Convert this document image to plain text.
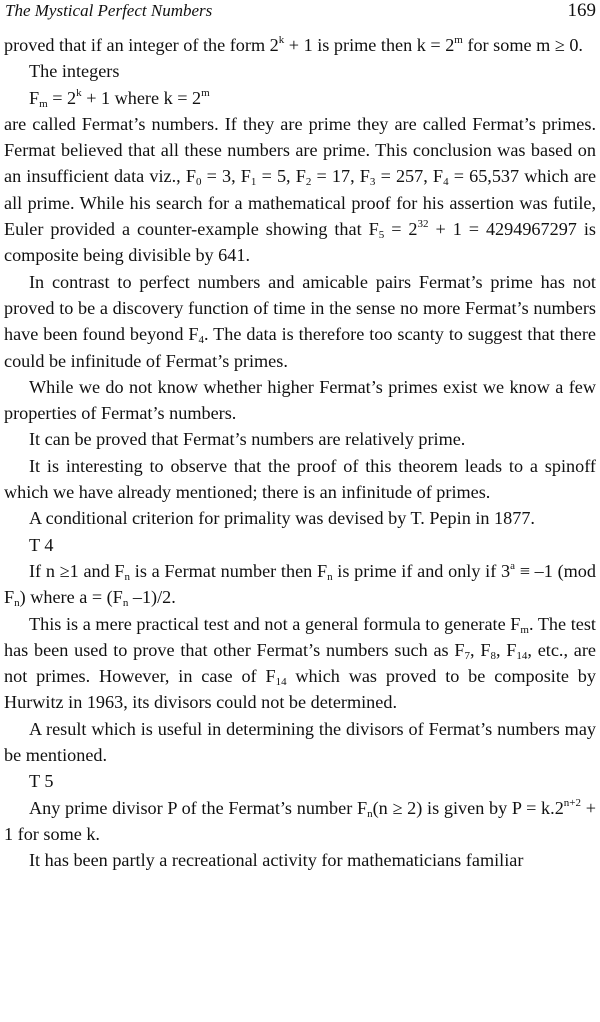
The Mystical Perfect Numbers	169

proved that if an integer of the form $2^k + 1$ is prime then $k = 2^m$ for some m ≥ 0.

The integers

$F_m = 2^k + 1$ where $k = 2^m$

are called Fermat’s numbers. If they are prime they are called Fermat’s primes. Fermat believed that all these numbers are prime. This conclusion was based on an insufficient data viz., $F_0 = 3$, $F_1 = 5$, $F_2 = 17$, $F_3 = 257$, $F_4 = 65,537$ which are all prime. While his search for a mathematical proof for his assertion was futile, Euler provided a counter-example showing that $F_5 = 2^{32} + 1 = 4294967297$ is composite being divisible by 641.

In contrast to perfect numbers and amicable pairs Fermat’s prime has not proved to be a discovery function of time in the sense no more Fermat’s numbers have been found beyond $F_4$. The data is therefore too scanty to suggest that there could be infinitude of Fermat’s primes.

While we do not know whether higher Fermat’s primes exist we know a few properties of Fermat’s numbers.

It can be proved that Fermat’s numbers are relatively prime.

It is interesting to observe that the proof of this theorem leads to a spinoff which we have already mentioned; there is an infinitude of primes.

A conditional criterion for primality was devised by T. Pepin in 1877.

T 4

If n ≥1 and $F_n$ is a Fermat number then $F_n$ is prime if and only if $3^a \equiv -1$ (mod $F_n$) where $a = (F_n$ –1)/2.

This is a mere practical test and not a general formula to generate $F_m$. The test has been used to prove that other Fermat’s numbers such as $F_7$, $F_8$, $F_{14}$, etc., are not primes. However, in case of $F_{14}$ which was proved to be composite by Hurwitz in 1963, its divisors could not be determined.

A result which is useful in determining the divisors of Fermat’s numbers may be mentioned.

T 5

Any prime divisor P of the Fermat’s number $F_n(n \ge 2)$ is given by $P = k.2^{n+2} + 1$ for some k.

It has been partly a recreational activity for mathematicians familiar
